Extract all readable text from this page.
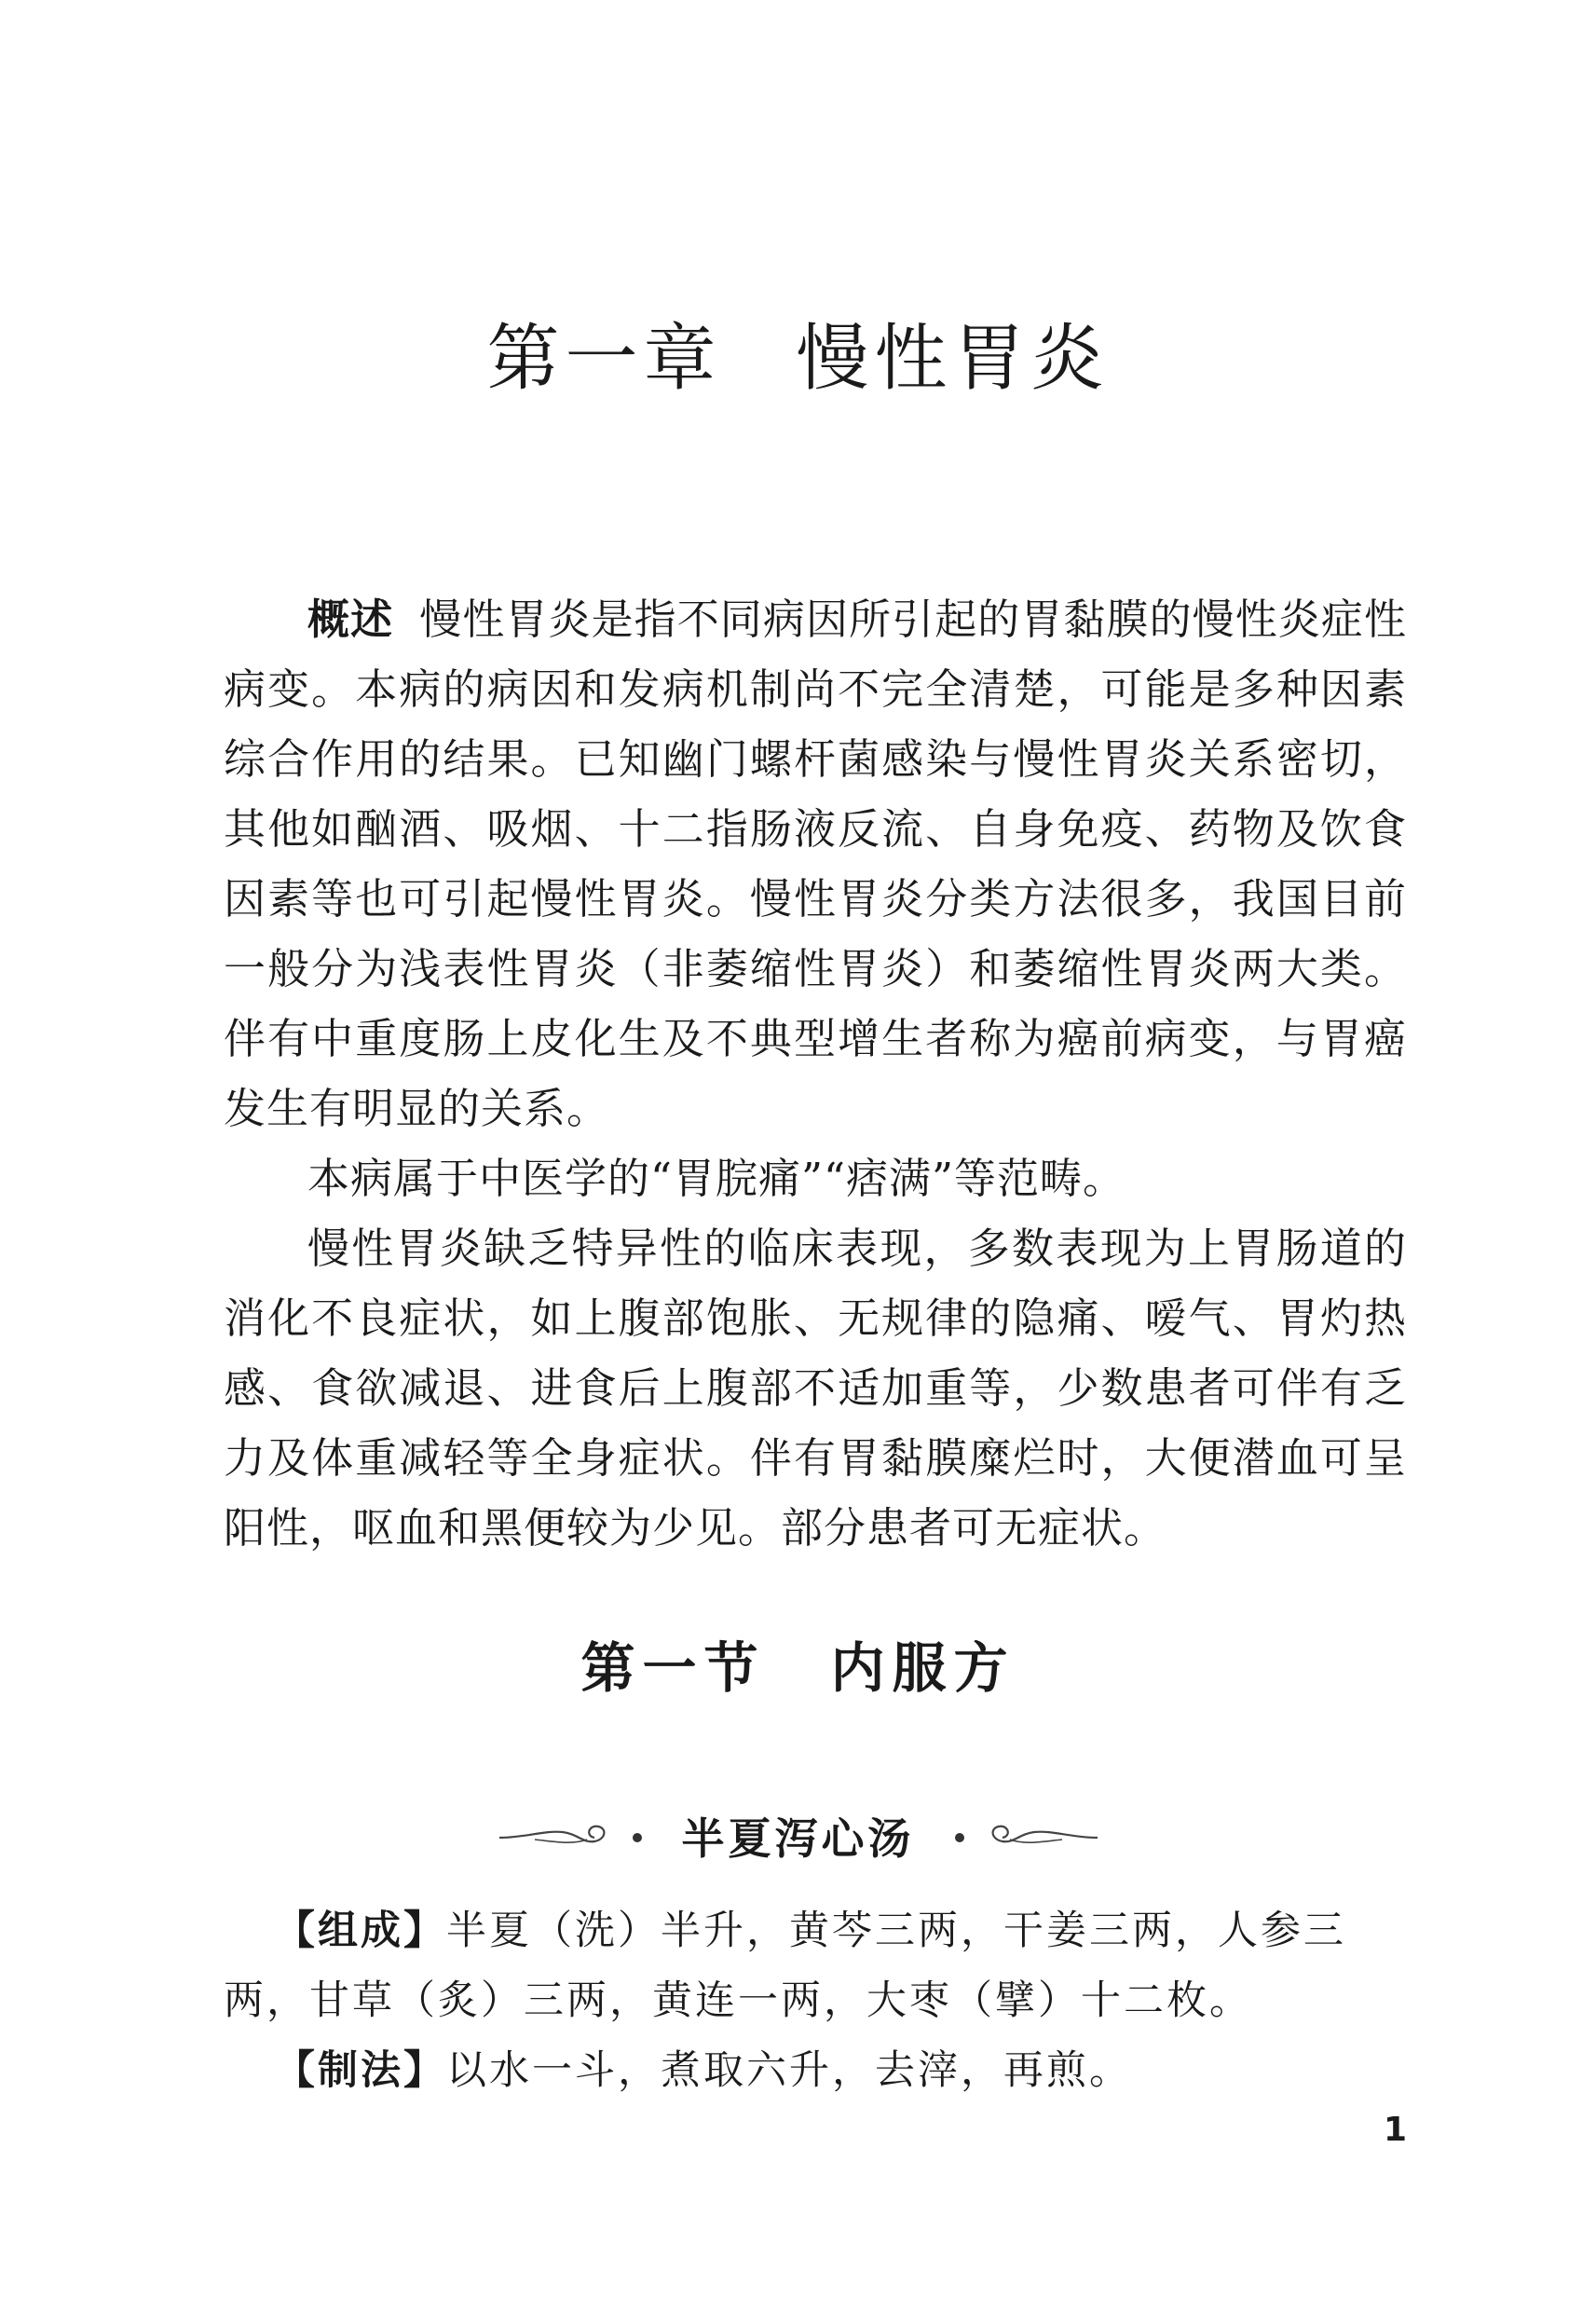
第一章 慢性胃炎

概述 慢性胃炎是指不同病因所引起的胃黏膜的慢性炎症性病变。本病的病因和发病机制尚不完全清楚，可能是多种因素综合作用的结果。已知幽门螺杆菌感染与慢性胃炎关系密切，其他如酗酒、吸烟、十二指肠液反流、自身免疫、药物及饮食因素等也可引起慢性胃炎。慢性胃炎分类方法很多，我国目前一般分为浅表性胃炎（非萎缩性胃炎）和萎缩性胃炎两大类。伴有中重度肠上皮化生及不典型增生者称为癌前病变，与胃癌发生有明显的关系。

本病属于中医学的“胃脘痛”“痞满”等范畴。

慢性胃炎缺乏特异性的临床表现，多数表现为上胃肠道的消化不良症状，如上腹部饱胀、无规律的隐痛、嗳气、胃灼热感、食欲减退、进食后上腹部不适加重等，少数患者可伴有乏力及体重减轻等全身症状。伴有胃黏膜糜烂时，大便潜血可呈阳性，呕血和黑便较为少见。部分患者可无症状。

第一节 内服方
半夏泻心汤

【组成】半夏（洗）半升，黄芩三两，干姜三两，人参三两，甘草（炙）三两，黄连一两，大枣（擘）十二枚。

【制法】以水一斗，煮取六升，去滓，再煎。

1
